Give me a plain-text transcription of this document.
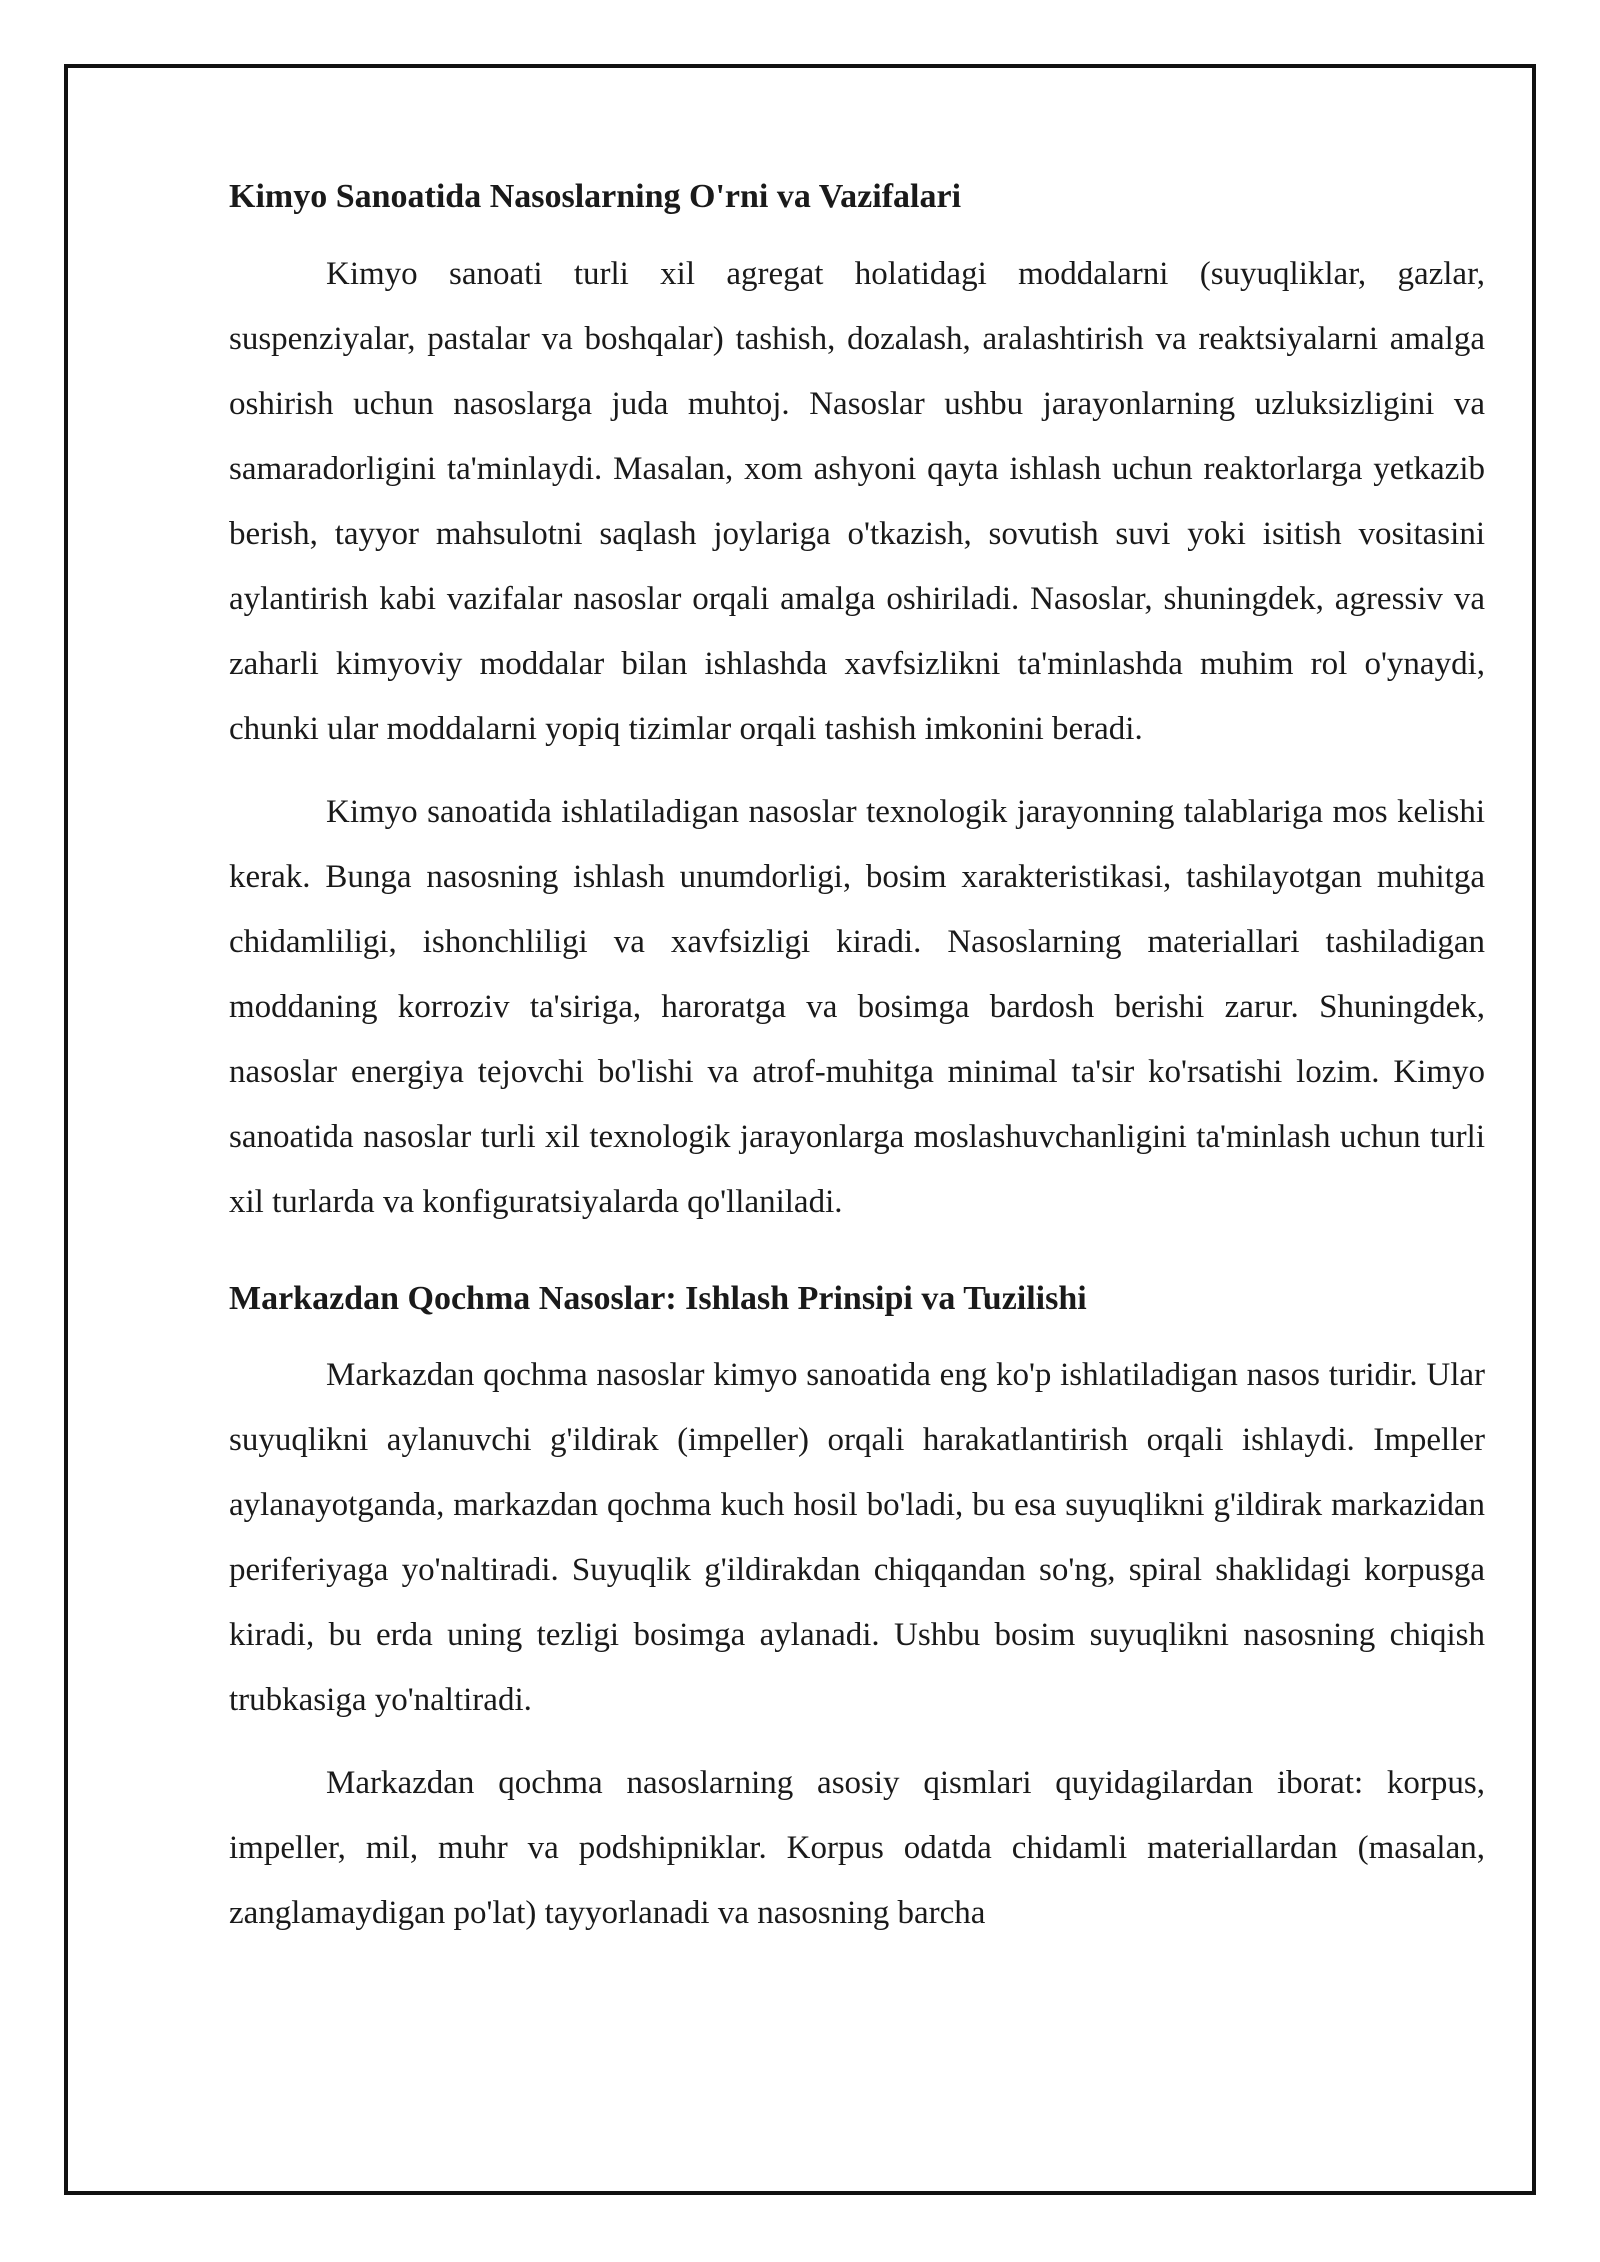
Kimyo Sanoatida Nasoslarning O'rni va Vazifalari

Kimyo sanoati turli xil agregat holatidagi moddalarni (suyuqliklar, gazlar, suspenziyalar, pastalar va boshqalar) tashish, dozalash, aralashtirish va reaktsiyalarni amalga oshirish uchun nasoslarga juda muhtoj. Nasoslar ushbu jarayonlarning uzluksizligini va samaradorligini ta'minlaydi. Masalan, xom ashyoni qayta ishlash uchun reaktorlarga yetkazib berish, tayyor mahsulotni saqlash joylariga o'tkazish, sovutish suvi yoki isitish vositasini aylantirish kabi vazifalar nasoslar orqali amalga oshiriladi. Nasoslar, shuningdek, agressiv va zaharli kimyoviy moddalar bilan ishlashda xavfsizlikni ta'minlashda muhim rol o'ynaydi, chunki ular moddalarni yopiq tizimlar orqali tashish imkonini beradi.

Kimyo sanoatida ishlatiladigan nasoslar texnologik jarayonning talablariga mos kelishi kerak. Bunga nasosning ishlash unumdorligi, bosim xarakteristikasi, tashilayotgan muhitga chidamliligi, ishonchliligi va xavfsizligi kiradi. Nasoslarning materiallari tashiladigan moddaning korroziv ta'siriga, haroratga va bosimga bardosh berishi zarur. Shuningdek, nasoslar energiya tejovchi bo'lishi va atrof-muhitga minimal ta'sir ko'rsatishi lozim. Kimyo sanoatida nasoslar turli xil texnologik jarayonlarga moslashuvchanligini ta'minlash uchun turli xil turlarda va konfiguratsiyalarda qo'llaniladi.

Markazdan Qochma Nasoslar: Ishlash Prinsipi va Tuzilishi

Markazdan qochma nasoslar kimyo sanoatida eng ko'p ishlatiladigan nasos turidir. Ular suyuqlikni aylanuvchi g'ildirak (impeller) orqali harakatlantirish orqali ishlaydi. Impeller aylanayotganda, markazdan qochma kuch hosil bo'ladi, bu esa suyuqlikni g'ildirak markazidan periferiyaga yo'naltiradi. Suyuqlik g'ildirakdan chiqqandan so'ng, spiral shaklidagi korpusga kiradi, bu erda uning tezligi bosimga aylanadi. Ushbu bosim suyuqlikni nasosning chiqish trubkasiga yo'naltiradi.

Markazdan qochma nasoslarning asosiy qismlari quyidagilardan iborat: korpus, impeller, mil, muhr va podshipniklar. Korpus odatda chidamli materiallardan (masalan, zanglamaydigan po'lat) tayyorlanadi va nasosning barcha
